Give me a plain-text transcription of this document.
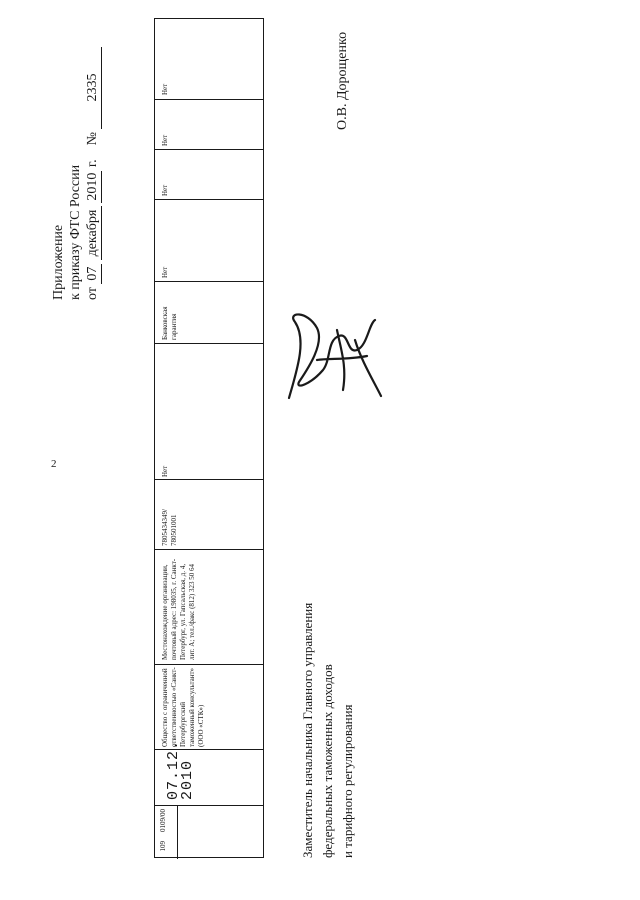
2
Приложение к приказу ФТС России от 07 декабря 2010 г.    № 2335
109
0109/00
07.12.
2010
Общество с ограниченной ответственностью «Санкт-Петербургский таможенный консультант» (ООО «СТК»)
Местонахождение организации, почтовый адрес: 198035, г. Санкт-Петербург, ул. Гапсальская, д. 4, лит. А; тел./факс (812) 323 50 64
7805434349/ 780501001
Нет
Банковская гарантия
Нет
Нет
Нет
Нет
Заместитель начальника Главного управления федеральных таможенных доходов и тарифного регулирования
О.В. Дорощенко
